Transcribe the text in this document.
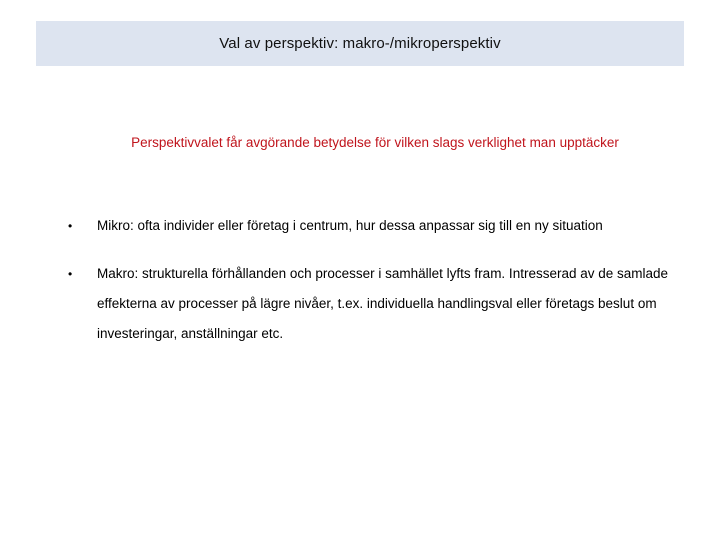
Val av perspektiv: makro-/mikroperspektiv
Perspektivvalet får avgörande betydelse för vilken slags verklighet man upptäcker
•	Mikro: ofta individer eller företag i centrum, hur dessa anpassar sig till en ny situation
•	Makro: strukturella förhållanden och processer i samhället lyfts fram. Intresserad av de samlade effekterna av processer på lägre nivåer, t.ex. individuella handlingsval eller företags beslut om investeringar, anställningar etc.
